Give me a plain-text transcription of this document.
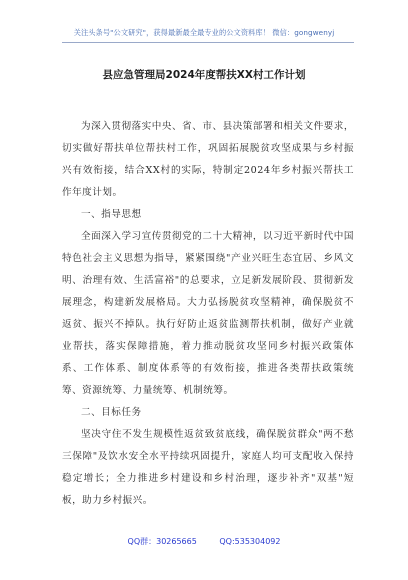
关注头条号"公文研究"，获得最新最全最专业的公文资料库！ 微信：gongwenyj
县应急管理局2024年度帮扶XX村工作计划

为深入贯彻落实中央、省、市、县决策部署和相关文件要求，切实做好帮扶单位帮扶村工作，巩固拓展脱贫攻坚成果与乡村振兴有效衔接，结合XX村的实际，特制定2024年乡村振兴帮扶工作年度计划。

一、指导思想

全面深入学习宣传贯彻党的二十大精神，以习近平新时代中国特色社会主义思想为指导，紧紧围绕"产业兴旺生态宜居、乡风文明、治理有效、生活富裕"的总要求，立足新发展阶段、贯彻新发展理念，构建新发展格局。大力弘扬脱贫攻坚精神，确保脱贫不返贫、振兴不掉队。执行好防止返贫监测帮扶机制，做好产业就业帮扶，落实保障措施，着力推动脱贫攻坚同乡村振兴政策体系、工作体系、制度体系等的有效衔接，推进各类帮扶政策统筹、资源统筹、力量统筹、机制统筹。

二、目标任务

坚决守住不发生规模性返贫致贫底线，确保脱贫群众"两不愁三保障"及饮水安全水平持续巩固提升，家庭人均可支配收入保持稳定增长；全力推进乡村建设和乡村治理，逐步补齐"双基"短板，助力乡村振兴。

QQ群：30265665	QQ:535304092
